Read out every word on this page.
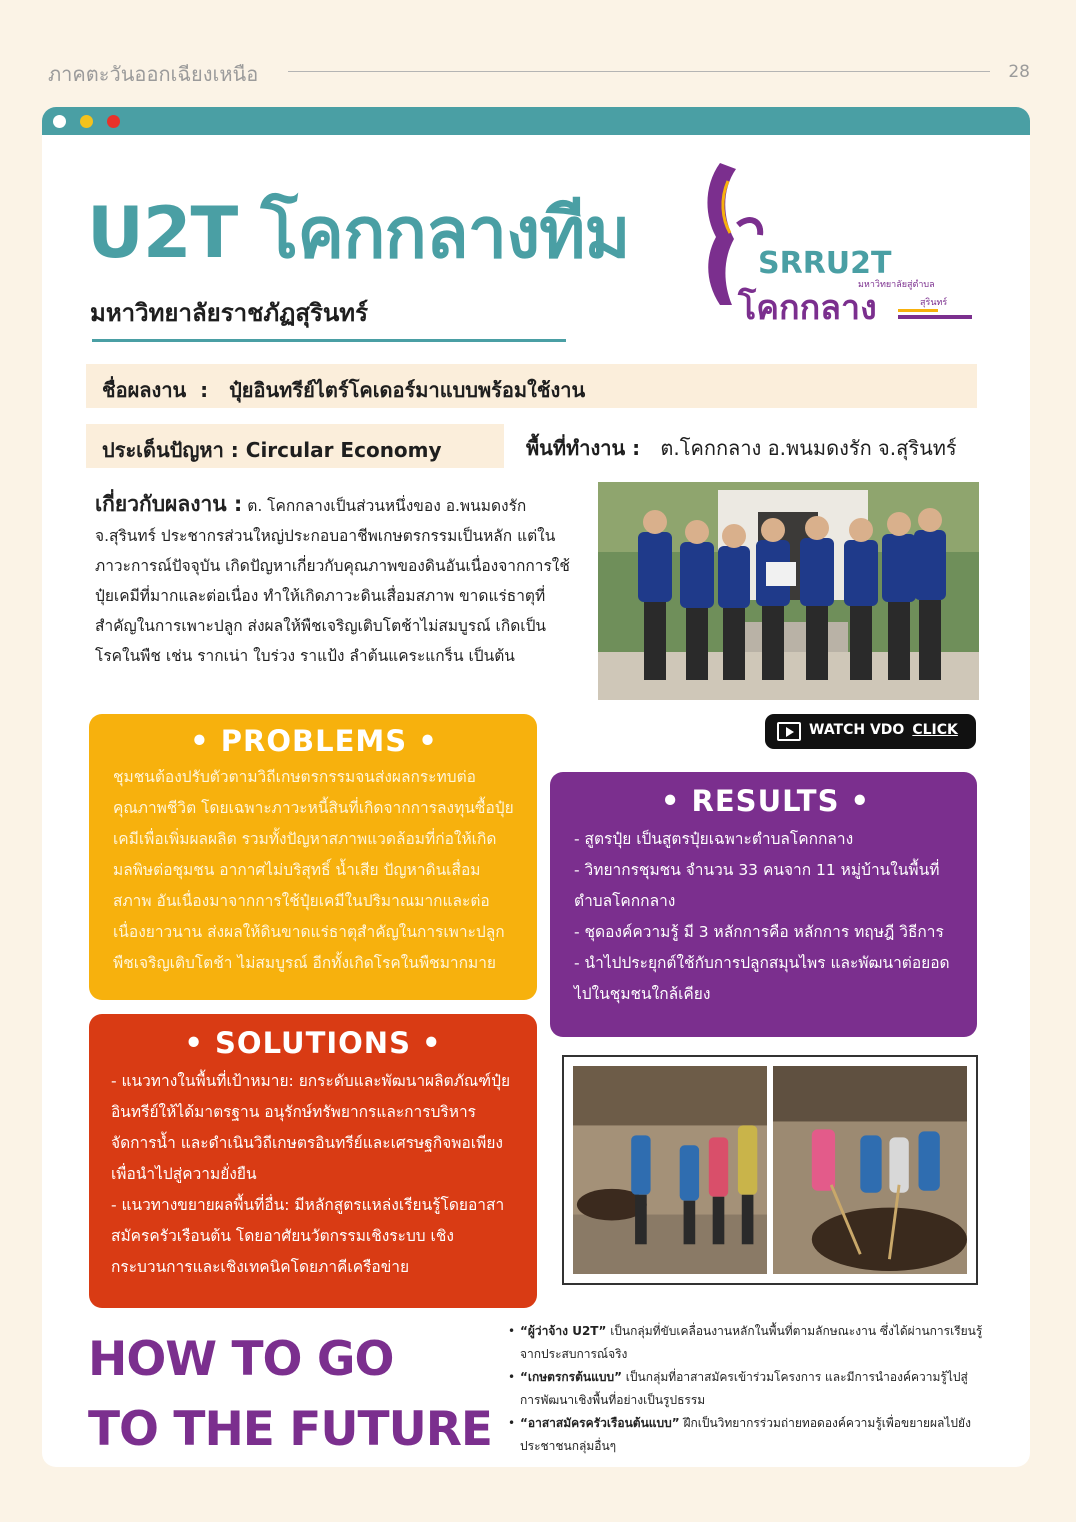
ภาคตะวันออกเฉียงเหนือ	28
U2T โคกกลางทีม
มหาวิทยาลัยราชภัฏสุรินทร์
SRRU2T
มหาวิทยาลัยสู่ตำบล
โคกกลาง	สุรินทร์
ชื่อผลงาน  :   ปุ๋ยอินทรีย์ไตร์โคเดอร์มาแบบพร้อมใช้งาน
ประเด็นปัญหา : Circular Economy	พื้นที่ทำงาน :   ต.โคกกลาง อ.พนมดงรัก จ.สุรินทร์
เกี่ยวกับผลงาน : ต. โคกกลางเป็นส่วนหนึ่งของ อ.พนมดงรัก จ.สุรินทร์ ประชากรส่วนใหญ่ประกอบอาชีพเกษตรกรรมเป็นหลัก แต่ในภาวะการณ์ปัจจุบัน เกิดปัญหาเกี่ยวกับคุณภาพของดินอันเนื่องจากการใช้ปุ๋ยเคมีที่มากและต่อเนื่อง ทำให้เกิดภาวะดินเสื่อมสภาพ ขาดแร่ธาตุที่สำคัญในการเพาะปลูก ส่งผลให้พืชเจริญเติบโตช้าไม่สมบูรณ์ เกิดเป็นโรคในพืช เช่น รากเน่า ใบร่วง ราแป้ง ลำต้นแคระแกร็น เป็นต้น
WATCH VDO CLICK
• PROBLEMS •

ชุมชนต้องปรับตัวตามวิถีเกษตรกรรมจนส่งผลกระทบต่อคุณภาพชีวิต โดยเฉพาะภาวะหนี้สินที่เกิดจากการลงทุนซื้อปุ๋ยเคมีเพื่อเพิ่มผลผลิต รวมทั้งปัญหาสภาพแวดล้อมที่ก่อให้เกิดมลพิษต่อชุมชน อากาศไม่บริสุทธิ์ น้ำเสีย ปัญหาดินเสื่อมสภาพ อันเนื่องมาจากการใช้ปุ๋ยเคมีในปริมาณมากและต่อเนื่องยาวนาน ส่งผลให้ดินขาดแร่ธาตุสำคัญในการเพาะปลูก พืชเจริญเติบโตช้า ไม่สมบูรณ์ อีกทั้งเกิดโรคในพืชมากมาย

• RESULTS •
- สูตรปุ๋ย เป็นสูตรปุ๋ยเฉพาะตำบลโคกกลาง
- วิทยากรชุมชน จำนวน 33 คนจาก 11 หมู่บ้านในพื้นที่ตำบลโคกกลาง
- ชุดองค์ความรู้ มี 3 หลักการคือ หลักการ ทฤษฎี วิธีการ
- นำไปประยุกต์ใช้กับการปลูกสมุนไพร และพัฒนาต่อยอดไปในชุมชนใกล้เคียง
• SOLUTIONS •
- แนวทางในพื้นที่เป้าหมาย: ยกระดับและพัฒนาผลิตภัณฑ์ปุ๋ยอินทรีย์ให้ได้มาตรฐาน อนุรักษ์ทรัพยากรและการบริหารจัดการน้ำ และดำเนินวิถีเกษตรอินทรีย์และเศรษฐกิจพอเพียงเพื่อนำไปสู่ความยั่งยืน
- แนวทางขยายผลพื้นที่อื่น: มีหลักสูตรแหล่งเรียนรู้โดยอาสาสมัครครัวเรือนต้น โดยอาศัยนวัตกรรมเชิงระบบ เชิงกระบวนการและเชิงเทคนิคโดยภาคีเครือข่าย
HOW TO GO
TO THE FUTURE
• “ผู้ว่าจ้าง U2T” เป็นกลุ่มที่ขับเคลื่อนงานหลักในพื้นที่ตามลักษณะงาน ซึ่งได้ผ่านการเรียนรู้จากประสบการณ์จริง
• “เกษตรกรต้นแบบ” เป็นกลุ่มที่อาสาสมัครเข้าร่วมโครงการ และมีการนำองค์ความรู้ไปสู่การพัฒนาเชิงพื้นที่อย่างเป็นรูปธรรม
• “อาสาสมัครครัวเรือนต้นแบบ” ฝึกเป็นวิทยากรร่วมถ่ายทอดองค์ความรู้เพื่อขยายผลไปยังประชาชนกลุ่มอื่นๆ
